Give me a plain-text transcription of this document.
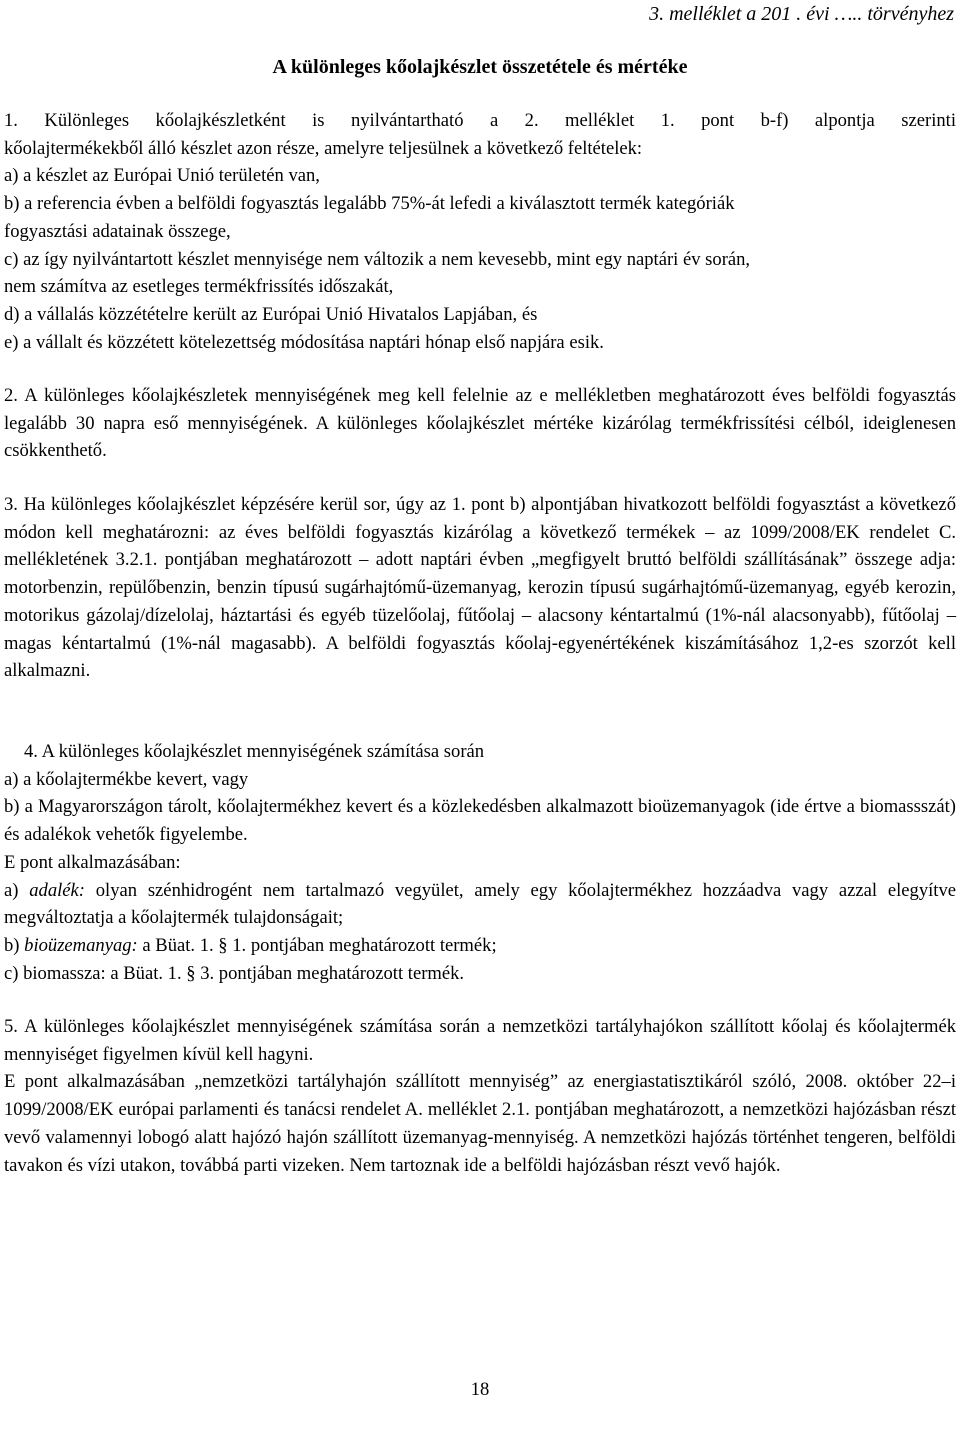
3. melléklet a 201 . évi ….. törvényhez
A különleges kőolajkészlet összetétele és mértéke
1. Különleges kőolajkészletként is nyilvántartható a 2. melléklet 1. pont b-f) alpontja szerinti
kőolajtermékekből álló készlet azon része, amelyre teljesülnek a következő feltételek:
a) a készlet az Európai Unió területén van,
b) a referencia évben a belföldi fogyasztás legalább 75%-át lefedi a kiválasztott termék kategóriák
fogyasztási adatainak összege,
c) az így nyilvántartott készlet mennyisége nem változik a nem kevesebb, mint egy naptári év során,
nem számítva az esetleges termékfrissítés időszakát,
d) a vállalás közzétételre került az Európai Unió Hivatalos Lapjában, és
e) a vállalt és közzétett kötelezettség módosítása naptári hónap első napjára esik.
2. A különleges kőolajkészletek mennyiségének meg kell felelnie az e mellékletben meghatározott éves belföldi fogyasztás legalább 30 napra eső mennyiségének. A különleges kőolajkészlet mértéke kizárólag termékfrissítési célból, ideiglenesen csökkenthető.
3. Ha különleges kőolajkészlet képzésére kerül sor, úgy az 1. pont b) alpontjában hivatkozott belföldi fogyasztást a következő módon kell meghatározni: az éves belföldi fogyasztás kizárólag a következő termékek – az 1099/2008/EK rendelet C. mellékletének 3.2.1. pontjában meghatározott – adott naptári évben „megfigyelt bruttó belföldi szállításának” összege adja: motorbenzin, repülőbenzin, benzin típusú sugárhajtómű-üzemanyag, kerozin típusú sugárhajtómű-üzemanyag, egyéb kerozin, motorikus gázolaj/dízelolaj, háztartási és egyéb tüzelőolaj, fűtőolaj – alacsony kéntartalmú (1%-nál alacsonyabb), fűtőolaj – magas kéntartalmú (1%-nál magasabb). A belföldi fogyasztás kőolaj-egyenértékének kiszámításához 1,2-es szorzót kell alkalmazni.
4. A különleges kőolajkészlet mennyiségének számítása során
a) a kőolajtermékbe kevert, vagy
b) a Magyarországon tárolt, kőolajtermékhez kevert és a közlekedésben alkalmazott bioüzemanyagok (ide értve a biomassszát) és adalékok vehetők figyelembe.
E pont alkalmazásában:
a) adalék: olyan szénhidrogént nem tartalmazó vegyület, amely egy kőolajtermékhez hozzáadva vagy azzal elegyítve megváltoztatja a kőolajtermék tulajdonságait;
b) bioüzemanyag: a Büat. 1. § 1. pontjában meghatározott termék;
c) biomassza: a Büat. 1. § 3. pontjában meghatározott termék.
5. A különleges kőolajkészlet mennyiségének számítása során a nemzetközi tartályhajókon szállított kőolaj és kőolajtermék mennyiséget figyelmen kívül kell hagyni.
E pont alkalmazásában „nemzetközi tartályhajón szállított mennyiség” az energiastatisztikáról szóló, 2008. október 22–i 1099/2008/EK európai parlamenti és tanácsi rendelet A. melléklet 2.1. pontjában meghatározott, a nemzetközi hajózásban részt vevő valamennyi lobogó alatt hajózó hajón szállított üzemanyag-mennyiség. A nemzetközi hajózás történhet tengeren, belföldi tavakon és vízi utakon, továbbá parti vizeken. Nem tartoznak ide a belföldi hajózásban részt vevő hajók.
18
